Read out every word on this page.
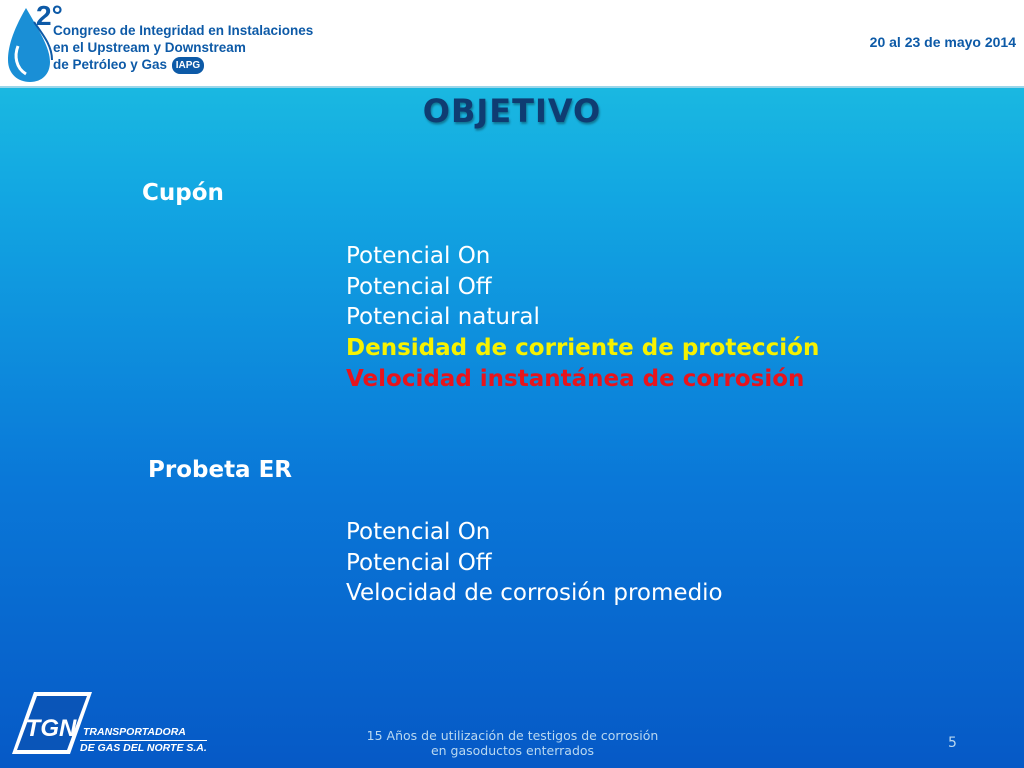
2°
Congreso de Integridad en Instalaciones
en el Upstream y Downstream
de Petróleo y Gas IAPG
20 al 23 de mayo 2014
OBJETIVO
Cupón
Potencial On
Potencial Off
Potencial natural
Densidad de corriente de protección
Velocidad instantánea de corrosión
Probeta ER
Potencial On
Potencial Off
Velocidad de corrosión promedio
TGN TRANSPORTADORA
DE GAS DEL NORTE S.A.
15 Años de utilización de testigos de corrosión
en gasoductos enterrados	5
